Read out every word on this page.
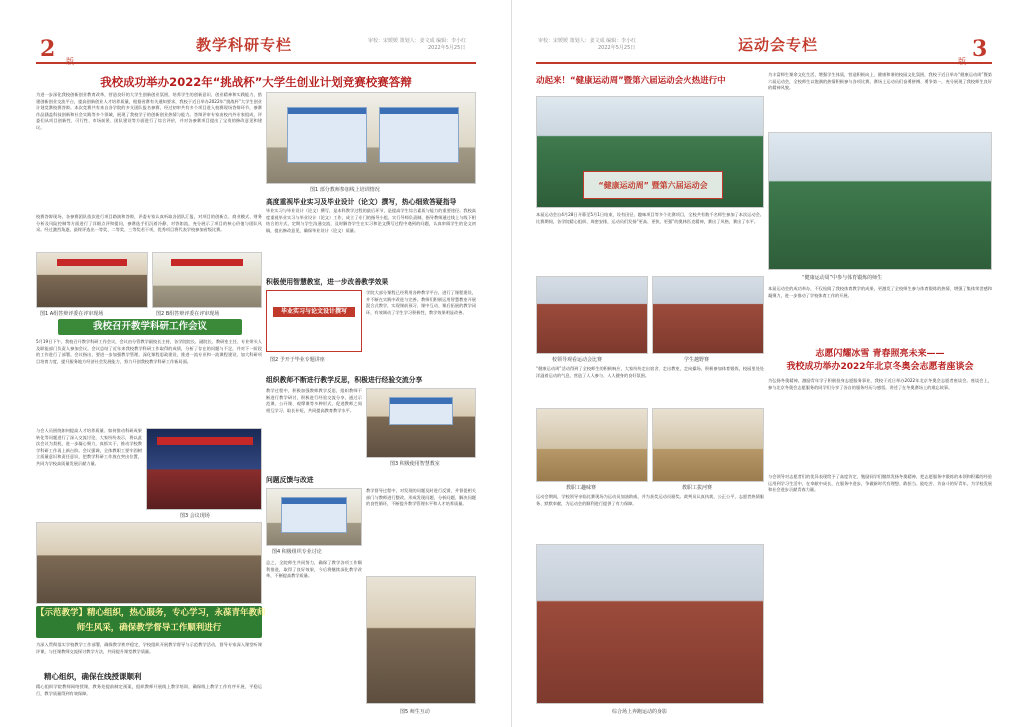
2	教学科研专栏	审校：宋媛媛 策划人：姜文成 编辑：李小红
2022年5月25日
我校成功举办2022年“挑战杯”大学生创业计划竞赛校赛答辩
为进一步深化我校创新创业教育改革，营造良好的大学生创新创业氛围，培养学生的创新意识、创业精神和实践能力，搭建创新创业交流平台，提高创新创业人才培养质量，根据省赛有关通知要求，我校于近日举办2022年“挑战杯”大学生创业计划竞赛校赛答辩。本次竞赛共有来自各学院的多支团队报名参赛，经过初审共有多个项目进入校赛现场答辩环节，参赛作品涵盖科技创新和社会实践等多个领域，展现了我校学子的创新创业热情与能力。答辩评审专家由校内外专家组成，评委们从项目创新性、可行性、市场前景、团队建设等方面进行了综合评价，并对各参赛项目提出了宝贵的修改意见和建议。
校赛答辩现场，各参赛团队依次进行项目路演和答辩，评委专家认真听取各团队汇报，对项目的创新点、商业模式、财务分析及风险控制等方面进行了详细点评和提问，参赛选手们沉着冷静、对答如流，充分展示了项目的核心价值与团队风采。经过激烈角逐，最终评选出一等奖、二等奖、三等奖若干项，优秀项目将代表学校参加省级比赛。
图1 A组答辩评委在评审现场	图2 B组答辩评委在评审现场
我校召开教学科研工作会议
5月19日下午，我校召开教学科研工作会议，会议由分管教学副校长主持，各学院院长、副院长、教研室主任、专业带头人及职能部门负责人参加会议。会议总结了近年来我校教学科研工作取得的成绩，分析了存在的问题与不足，并对下一阶段的工作进行了部署。会议指出，要进一步加强教学管理，深化课程思政建设，推进一流专业和一流课程建设，加大科研项目培育力度，提升服务地方经济社会发展能力，努力开创我校教学科研工作新局面。
与会人员围绕如何提高人才培养质量、如何推动科研成果转化等问题进行了深入交流讨论，大家纷纷表示，将以此次会议为契机，进一步凝心聚力，真抓实干，推动学校教学科研工作再上新台阶。会议强调，全体教职工要牢固树立质量意识和责任意识，把教学科研工作放在突出位置，共同为学校高质量发展贡献力量。
图3 会议现场
【示范教学】精心组织，热心服务，专心学习，永葆青年教师
师生风采，确保教学督导工作顺利进行
为深入贯彻落实学校教学工作部署，确保教学秩序稳定，学校组织开展教学督导与示范教学活动，督导专家深入课堂听课评课，与任课教师交流探讨教学方法，共同提升课堂教学质量。
精心组织，确保在线授课顺利
精心组织学院教师网络授课，教务处提前制定预案，组织教师开展线上教学培训，确保线上教学工作有序开展、平稳运行，教学质量得到有效保障。
图1 部分教师参加线上培训情况
高度重视毕业实习及毕业设计（论文）撰写，热心细致答疑指导
毕业实习与毕业设计（论文）撰写，是本科教学过程的最后环节，是提高学生综合素质与能力的重要途径。我校高度重视毕业实习与毕业设计（论文）工作，成立了专门的指导小组，实行导师负责制，指导教师通过线上与线下相结合的方式，定期与学生沟通交流，及时解答学生在实习和论文撰写过程中遇到的问题，认真审阅学生的论文初稿，提出修改意见，确保毕业设计（论文）质量。
积极使用智慧教室，进一步改善教学效果
毕业实习与论文设计撰写
学院大部分课程已经利用各种教学平台，进行了课程建设，并不断在实践中改进与完善。教师们积极运用智慧教室开展混合式教学，实现课前预习、课中互动、课后拓展的教学闭环，有效调动了学生学习积极性，教学效果明显改善。
图2 予开于毕业专题讲座
组织教师不断进行教学反思，积极进行经验交流分享
教学过程中，积极加强教师教学反思，组织教师不断进行教学研讨，积极进行经验交流分享，通过示范课、公开课、观摩课等多种形式，促进教师之间相互学习、取长补短，共同提高教育教学水平。
图3 积极使用智慧教室
问题反馈与改进
教学督导过程中，对发现的问题及时进行反馈，并督促相关部门与教师进行整改，形成发现问题、分析问题、解决问题的良性循环，不断提升教学管理水平和人才培养质量。
图4 积极组织专业讨论
总之，全院师生共同努力，确保了教学各项工作顺利推进，取得了良好效果，今后将继续深化教学改革，不断提高教学质量。
图5 师生互动
审校：宋媛媛 策划人：姜文成 编辑：李小红
2022年5月25日	运动会专栏	3
动起来！“健康运动周”暨第六届运动会火热进行中
为丰富师生课余文化生活，增强学生体质，营造积极向上、健康和谐的校园文化氛围，我校于近日举办“健康运动周”暨第六届运动会，全校师生以饱满的热情积极参与各项比赛，赛场上运动员们奋勇拼搏、勇争第一，充分展现了我校师生良好的精神风貌。
“健康运动周” 暨第六届运动会
本届运动会自4月28日开幕至5月1日结束，设有田径、趣味项目等多个比赛项目，全校共有数千名师生参加了本次运动会。比赛期间，各学院精心组织、周密安排，运动员们发扬“更高、更快、更强”的奥林匹克精神，赛出了风格，赛出了水平。
校领导观看运动会比赛	学生越野赛
“健康运动周”中参与体育锻炼的师生
本届运动会的成功举办，不仅检阅了我校体育教学的成果，更激发了全校师生参与体育锻炼的热情，增强了集体荣誉感和凝聚力，进一步推动了学校体育工作的开展。
“健康运动周”活动得到了全校师生的积极响应，大家纷纷走出宿舍、走出教室，走向操场，积极参加体育锻炼，校园里处处洋溢着运动的气息，营造了人人参与、人人健身的良好氛围。
志愿闪耀冰雪 青春照亮未来——
我校成功举办2022年北京冬奥会志愿者座谈会
教职工趣味赛	教职工拔河赛
为弘扬冬奥精神，激励青年学子积极投身志愿服务事业，我校于近日举办2022年北京冬奥会志愿者座谈会。座谈会上，参与北京冬奥会志愿服务的同学们分享了各自的服务经历与感悟，讲述了在冬奥赛场上的难忘故事。
运动会期间，学校领导亲临比赛现场为运动员加油助威，并为获奖运动员颁奖。裁判员认真执裁、公正公平，志愿者热情服务、默默奉献，为运动会的顺利进行提供了有力保障。
综合场上奔跑运动的身影
与会领导对志愿者们的优异表现给予了高度肯定，勉励同学们继续发扬冬奥精神，把志愿服务中锻炼的本领和积累的经验运用到学习生活中，在奉献中成长，在服务中进步，争做新时代有理想、敢担当、能吃苦、肯奋斗的好青年，为学校发展和社会进步贡献青春力量。
